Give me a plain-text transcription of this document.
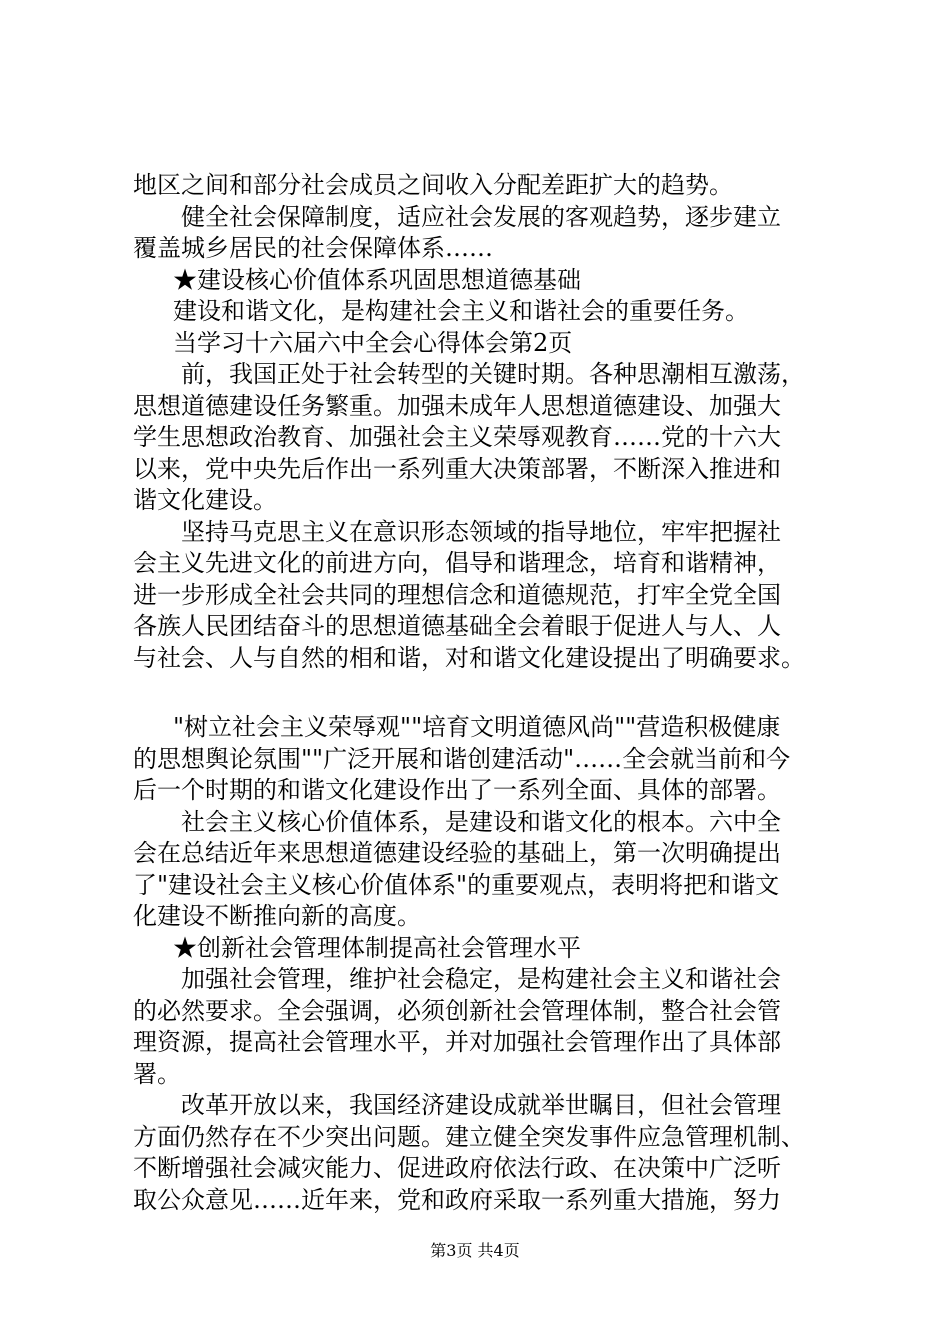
地区之间和部分社会成员之间收入分配差距扩大的趋势。
健全社会保障制度，适应社会发展的客观趋势，逐步建立
覆盖城乡居民的社会保障体系……
★建设核心价值体系巩固思想道德基础
建设和谐文化，是构建社会主义和谐社会的重要任务。
当学习十六届六中全会心得体会第2页
前，我国正处于社会转型的关键时期。各种思潮相互激荡，
思想道德建设任务繁重。加强未成年人思想道德建设、加强大
学生思想政治教育、加强社会主义荣辱观教育……党的十六大
以来，党中央先后作出一系列重大决策部署，不断深入推进和
谐文化建设。
坚持马克思主义在意识形态领域的指导地位，牢牢把握社
会主义先进文化的前进方向，倡导和谐理念，培育和谐精神，
进一步形成全社会共同的理想信念和道德规范，打牢全党全国
各族人民团结奋斗的思想道德基础全会着眼于促进人与人、人
与社会、人与自然的相和谐，对和谐文化建设提出了明确要求。
"树立社会主义荣辱观""培育文明道德风尚""营造积极健康
的思想舆论氛围""广泛开展和谐创建活动"……全会就当前和今
后一个时期的和谐文化建设作出了一系列全面、具体的部署。
社会主义核心价值体系，是建设和谐文化的根本。六中全
会在总结近年来思想道德建设经验的基础上，第一次明确提出
了"建设社会主义核心价值体系"的重要观点，表明将把和谐文
化建设不断推向新的高度。
★创新社会管理体制提高社会管理水平
加强社会管理，维护社会稳定，是构建社会主义和谐社会
的必然要求。全会强调，必须创新社会管理体制，整合社会管
理资源，提高社会管理水平，并对加强社会管理作出了具体部
署。
改革开放以来，我国经济建设成就举世瞩目，但社会管理
方面仍然存在不少突出问题。建立健全突发事件应急管理机制、
不断增强社会减灾能力、促进政府依法行政、在决策中广泛听
取公众意见……近年来，党和政府采取一系列重大措施，努力
第3页 共4页
